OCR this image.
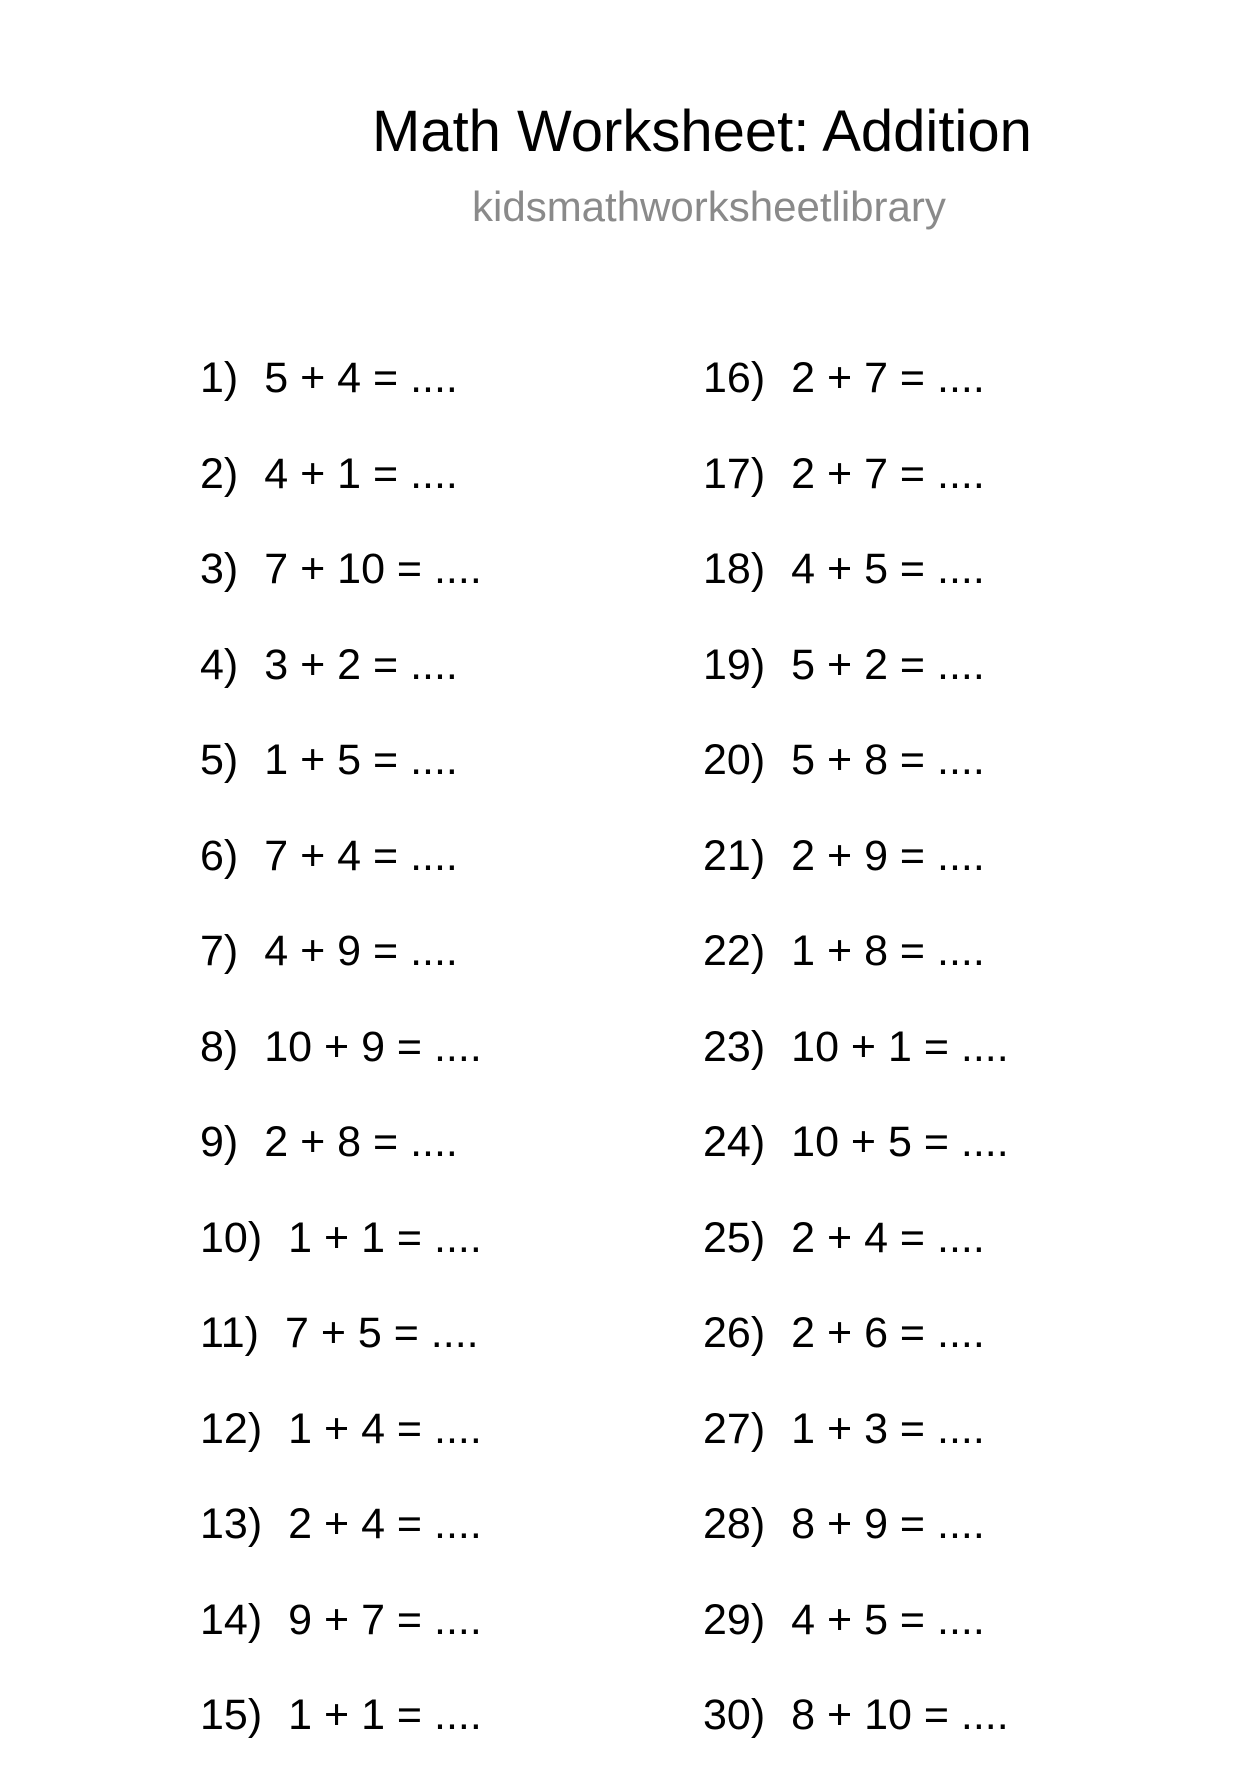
Math Worksheet: Addition
kidsmathworksheetlibrary
1) 5 + 4 = ....
2) 4 + 1 = ....
3) 7 + 10 = ....
4) 3 + 2 = ....
5) 1 + 5 = ....
6) 7 + 4 = ....
7) 4 + 9 = ....
8) 10 + 9 = ....
9) 2 + 8 = ....
10) 1 + 1 = ....
11) 7 + 5 = ....
12) 1 + 4 = ....
13) 2 + 4 = ....
14) 9 + 7 = ....
15) 1 + 1 = ....
16) 2 + 7 = ....
17) 2 + 7 = ....
18) 4 + 5 = ....
19) 5 + 2 = ....
20) 5 + 8 = ....
21) 2 + 9 = ....
22) 1 + 8 = ....
23) 10 + 1 = ....
24) 10 + 5 = ....
25) 2 + 4 = ....
26) 2 + 6 = ....
27) 1 + 3 = ....
28) 8 + 9 = ....
29) 4 + 5 = ....
30) 8 + 10 = ....
